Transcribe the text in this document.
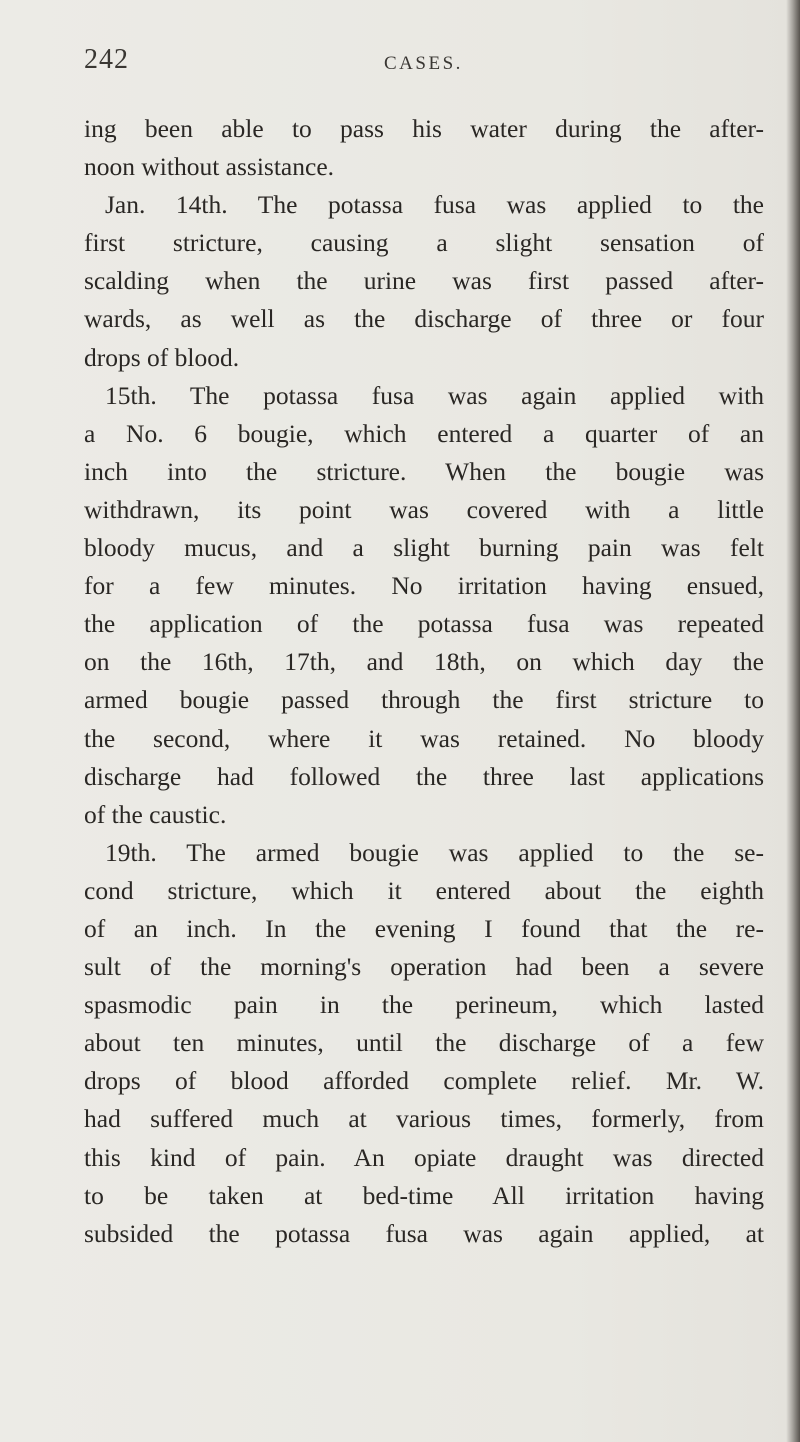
242	CASES.
ing been able to pass his water during the after-
noon without assistance.
Jan. 14th. The potassa fusa was applied to the
first stricture, causing a slight sensation of
scalding when the urine was first passed after-
wards, as well as the discharge of three or four
drops of blood.
15th. The potassa fusa was again applied with
a No. 6 bougie, which entered a quarter of an
inch into the stricture. When the bougie was
withdrawn, its point was covered with a little
bloody mucus, and a slight burning pain was felt
for a few minutes. No irritation having ensued,
the application of the potassa fusa was repeated
on the 16th, 17th, and 18th, on which day the
armed bougie passed through the first stricture to
the second, where it was retained. No bloody
discharge had followed the three last applications
of the caustic.
19th. The armed bougie was applied to the se-
cond stricture, which it entered about the eighth
of an inch. In the evening I found that the re-
sult of the morning's operation had been a severe
spasmodic pain in the perineum, which lasted
about ten minutes, until the discharge of a few
drops of blood afforded complete relief. Mr. W.
had suffered much at various times, formerly, from
this kind of pain. An opiate draught was directed
to be taken at bed-time All irritation having
subsided the potassa fusa was again applied, at
